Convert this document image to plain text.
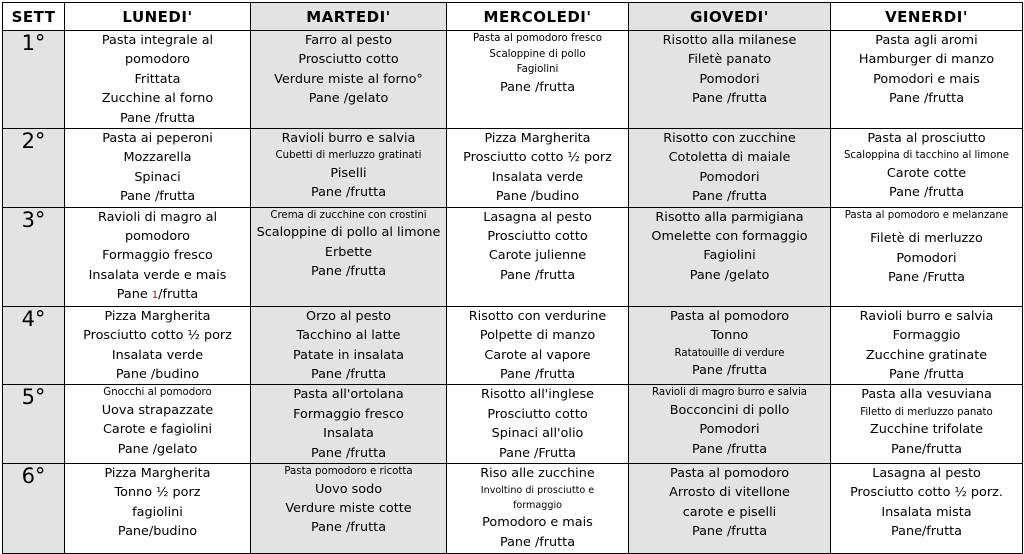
SETT	LUNEDI'	MARTEDI'	MERCOLEDI'	GIOVEDI'	VENERDI'
1°	Pasta integrale al
pomodoro
Frittata
Zucchine al forno
Pane /frutta	Farro al pesto
Prosciutto cotto
Verdure miste al forno°
Pane /gelato	Pasta al pomodoro fresco
Scaloppine di pollo
Fagiolini
Pane /frutta	Risotto alla milanese
Filetè panato
Pomodori
Pane /frutta	Pasta agli aromi
Hamburger di manzo
Pomodori e mais
Pane /frutta

2°	Pasta ai peperoni
Mozzarella
Spinaci
Pane /frutta	Ravioli burro e salvia
Cubetti di merluzzo gratinati
Piselli
Pane /frutta	Pizza Margherita
Prosciutto cotto ½ porz
Insalata verde
Pane /budino	Risotto con zucchine
Cotoletta di maiale
Pomodori
Pane /frutta	Pasta al prosciutto
Scaloppina di tacchino al limone
Carote cotte
Pane /frutta

3°	Ravioli di magro al
pomodoro
Formaggio fresco
Insalata verde e mais
Pane 1/frutta	Crema di zucchine con crostini
Scaloppine di pollo al limone
Erbette
Pane /frutta	Lasagna al pesto
Prosciutto cotto
Carote julienne
Pane /frutta	Risotto alla parmigiana
Omelette con formaggio
Fagiolini
Pane /gelato	Pasta al pomodoro e melanzane
Filetè di merluzzo
Pomodori
Pane /Frutta

4°	Pizza Margherita
Prosciutto cotto ½ porz
Insalata verde
Pane /budino	Orzo al pesto
Tacchino al latte
Patate in insalata
Pane /frutta	Risotto con verdurine
Polpette di manzo
Carote al vapore
Pane /frutta	Pasta al pomodoro
Tonno
Ratatouille di verdure
Pane /frutta	Ravioli burro e salvia
Formaggio
Zucchine gratinate
Pane /frutta

5°	Gnocchi al pomodoro
Uova strapazzate
Carote e fagiolini
Pane /gelato	Pasta all'ortolana
Formaggio fresco
Insalata
Pane /frutta	Risotto all'inglese
Prosciutto cotto
Spinaci all'olio
Pane /Frutta	Ravioli di magro burro e salvia
Bocconcini di pollo
Pomodori
Pane /frutta	Pasta alla vesuviana
Filetto di merluzzo panato
Zucchine trifolate
Pane/frutta

6°	Pizza Margherita
Tonno ½ porz
fagiolini
Pane/budino	Pasta pomodoro e ricotta
Uovo sodo
Verdure miste cotte
Pane /frutta	Riso alle zucchine
Involtino di prosciutto e
formaggio
Pomodoro e mais
Pane /frutta	Pasta al pomodoro
Arrosto di vitellone
carote e piselli
Pane /frutta	Lasagna al pesto
Prosciutto cotto ½ porz.
Insalata mista
Pane/frutta
